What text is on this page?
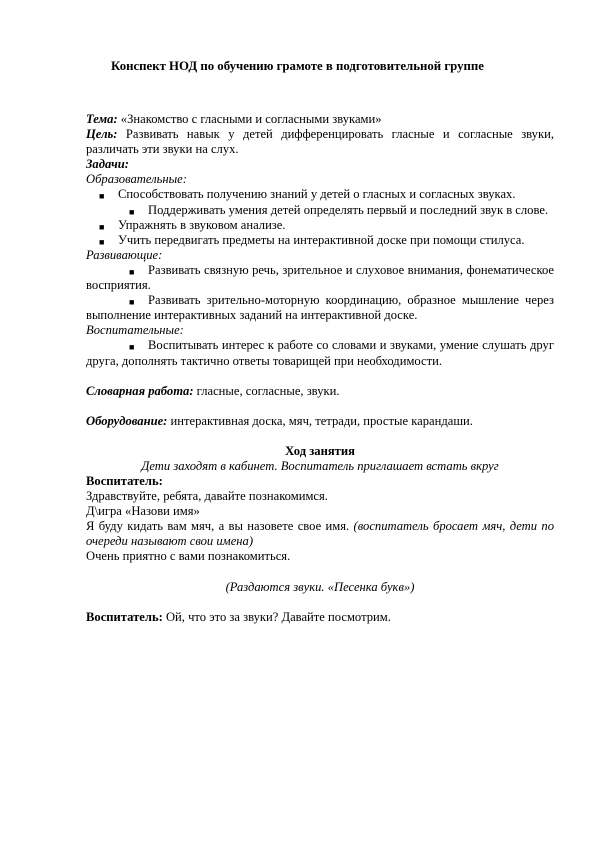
Конспект НОД по обучению грамоте в подготовительной группе

Тема: «Знакомство с гласными и согласными звуками»

Цель: Развивать навык у детей дифференцировать гласные и согласные звуки, различать эти звуки на слух.

Задачи:

Образовательные:

■ Способствовать получению знаний у детей о гласных и согласных звуках.

■ Поддерживать умения детей определять первый и последний звук в слове.

■ Упражнять в звуковом анализе.

■ Учить передвигать предметы на интерактивной доске при помощи стилуса.

Развивающие:

■ Развивать связную речь, зрительное и слуховое внимания, фонематическое восприятия.

■ Развивать зрительно-моторную координацию, образное мышление через выполнение интерактивных заданий на интерактивной доске.

Воспитательные:

■ Воспитывать интерес к работе со словами и звуками, умение слушать друг друга, дополнять тактично ответы товарищей при необходимости.

Словарная работа: гласные, согласные, звуки.

Оборудование: интерактивная доска, мяч, тетради, простые карандаши.

Ход занятия

Дети заходят в кабинет. Воспитатель приглашает встать вкруг

Воспитатель:

Здравствуйте, ребята, давайте познакомимся.

Д\игра «Назови имя»

Я буду кидать вам мяч, а вы назовете свое имя. (воспитатель бросает мяч, дети по очереди называют свои имена)

Очень приятно с вами познакомиться.

(Раздаются звуки. «Песенка букв»)

Воспитатель: Ой, что это за звуки? Давайте посмотрим.
